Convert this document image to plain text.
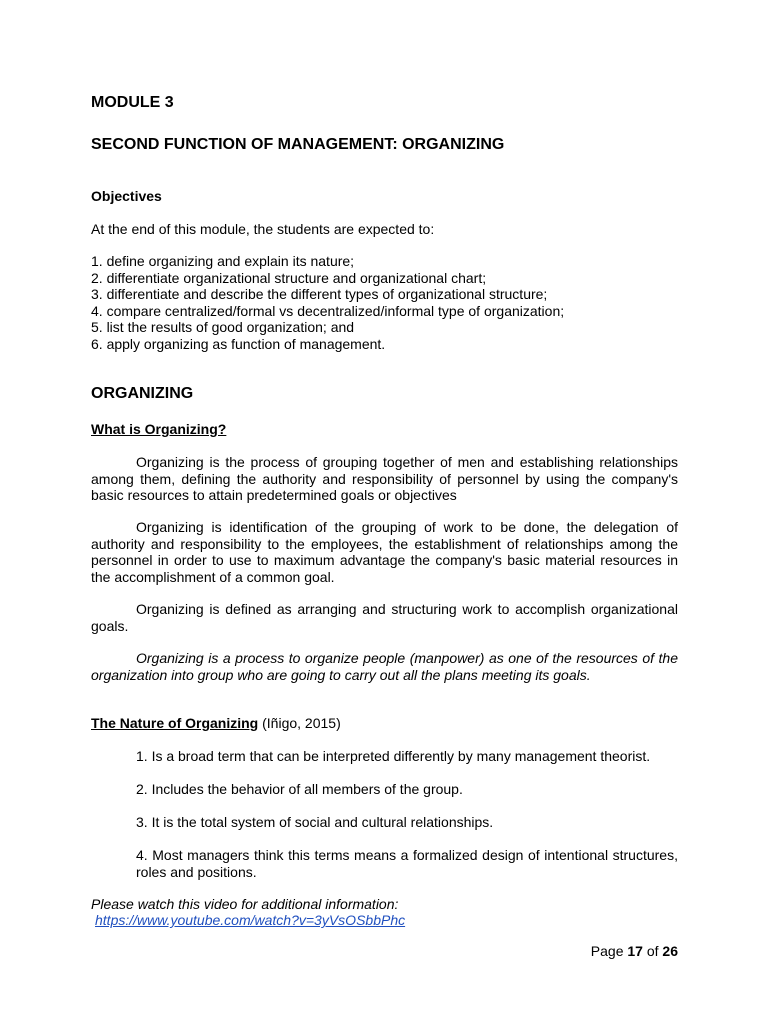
MODULE 3
SECOND FUNCTION OF MANAGEMENT: ORGANIZING
Objectives
At the end of this module, the students are expected to:
1. define organizing and explain its nature;
2. differentiate organizational structure and organizational chart;
3. differentiate and describe the different types of organizational structure;
4. compare centralized/formal vs decentralized/informal type of organization;
5. list the results of good organization; and
6. apply organizing as function of management.
ORGANIZING
What is Organizing?

Organizing is the process of grouping together of men and establishing relationships among them, defining the authority and responsibility of personnel by using the company's basic resources to attain predetermined goals or objectives

Organizing is identification of the grouping of work to be done, the delegation of authority and responsibility to the employees, the establishment of relationships among the personnel in order to use to maximum advantage the company's basic material resources in the accomplishment of a common goal.

Organizing is defined as arranging and structuring work to accomplish organizational goals.

Organizing is a process to organize people (manpower) as one of the resources of the organization into group who are going to carry out all the plans meeting its goals.

The Nature of Organizing (Iñigo, 2015)
1. Is a broad term that can be interpreted differently by many management theorist.
2. Includes the behavior of all members of the group.
3. It is the total system of social and cultural relationships.
4. Most managers think this terms means a formalized design of intentional structures, roles and positions.
Please watch this video for additional information:
https://www.youtube.com/watch?v=3yVsOSbbPhc
Page 17 of 26
